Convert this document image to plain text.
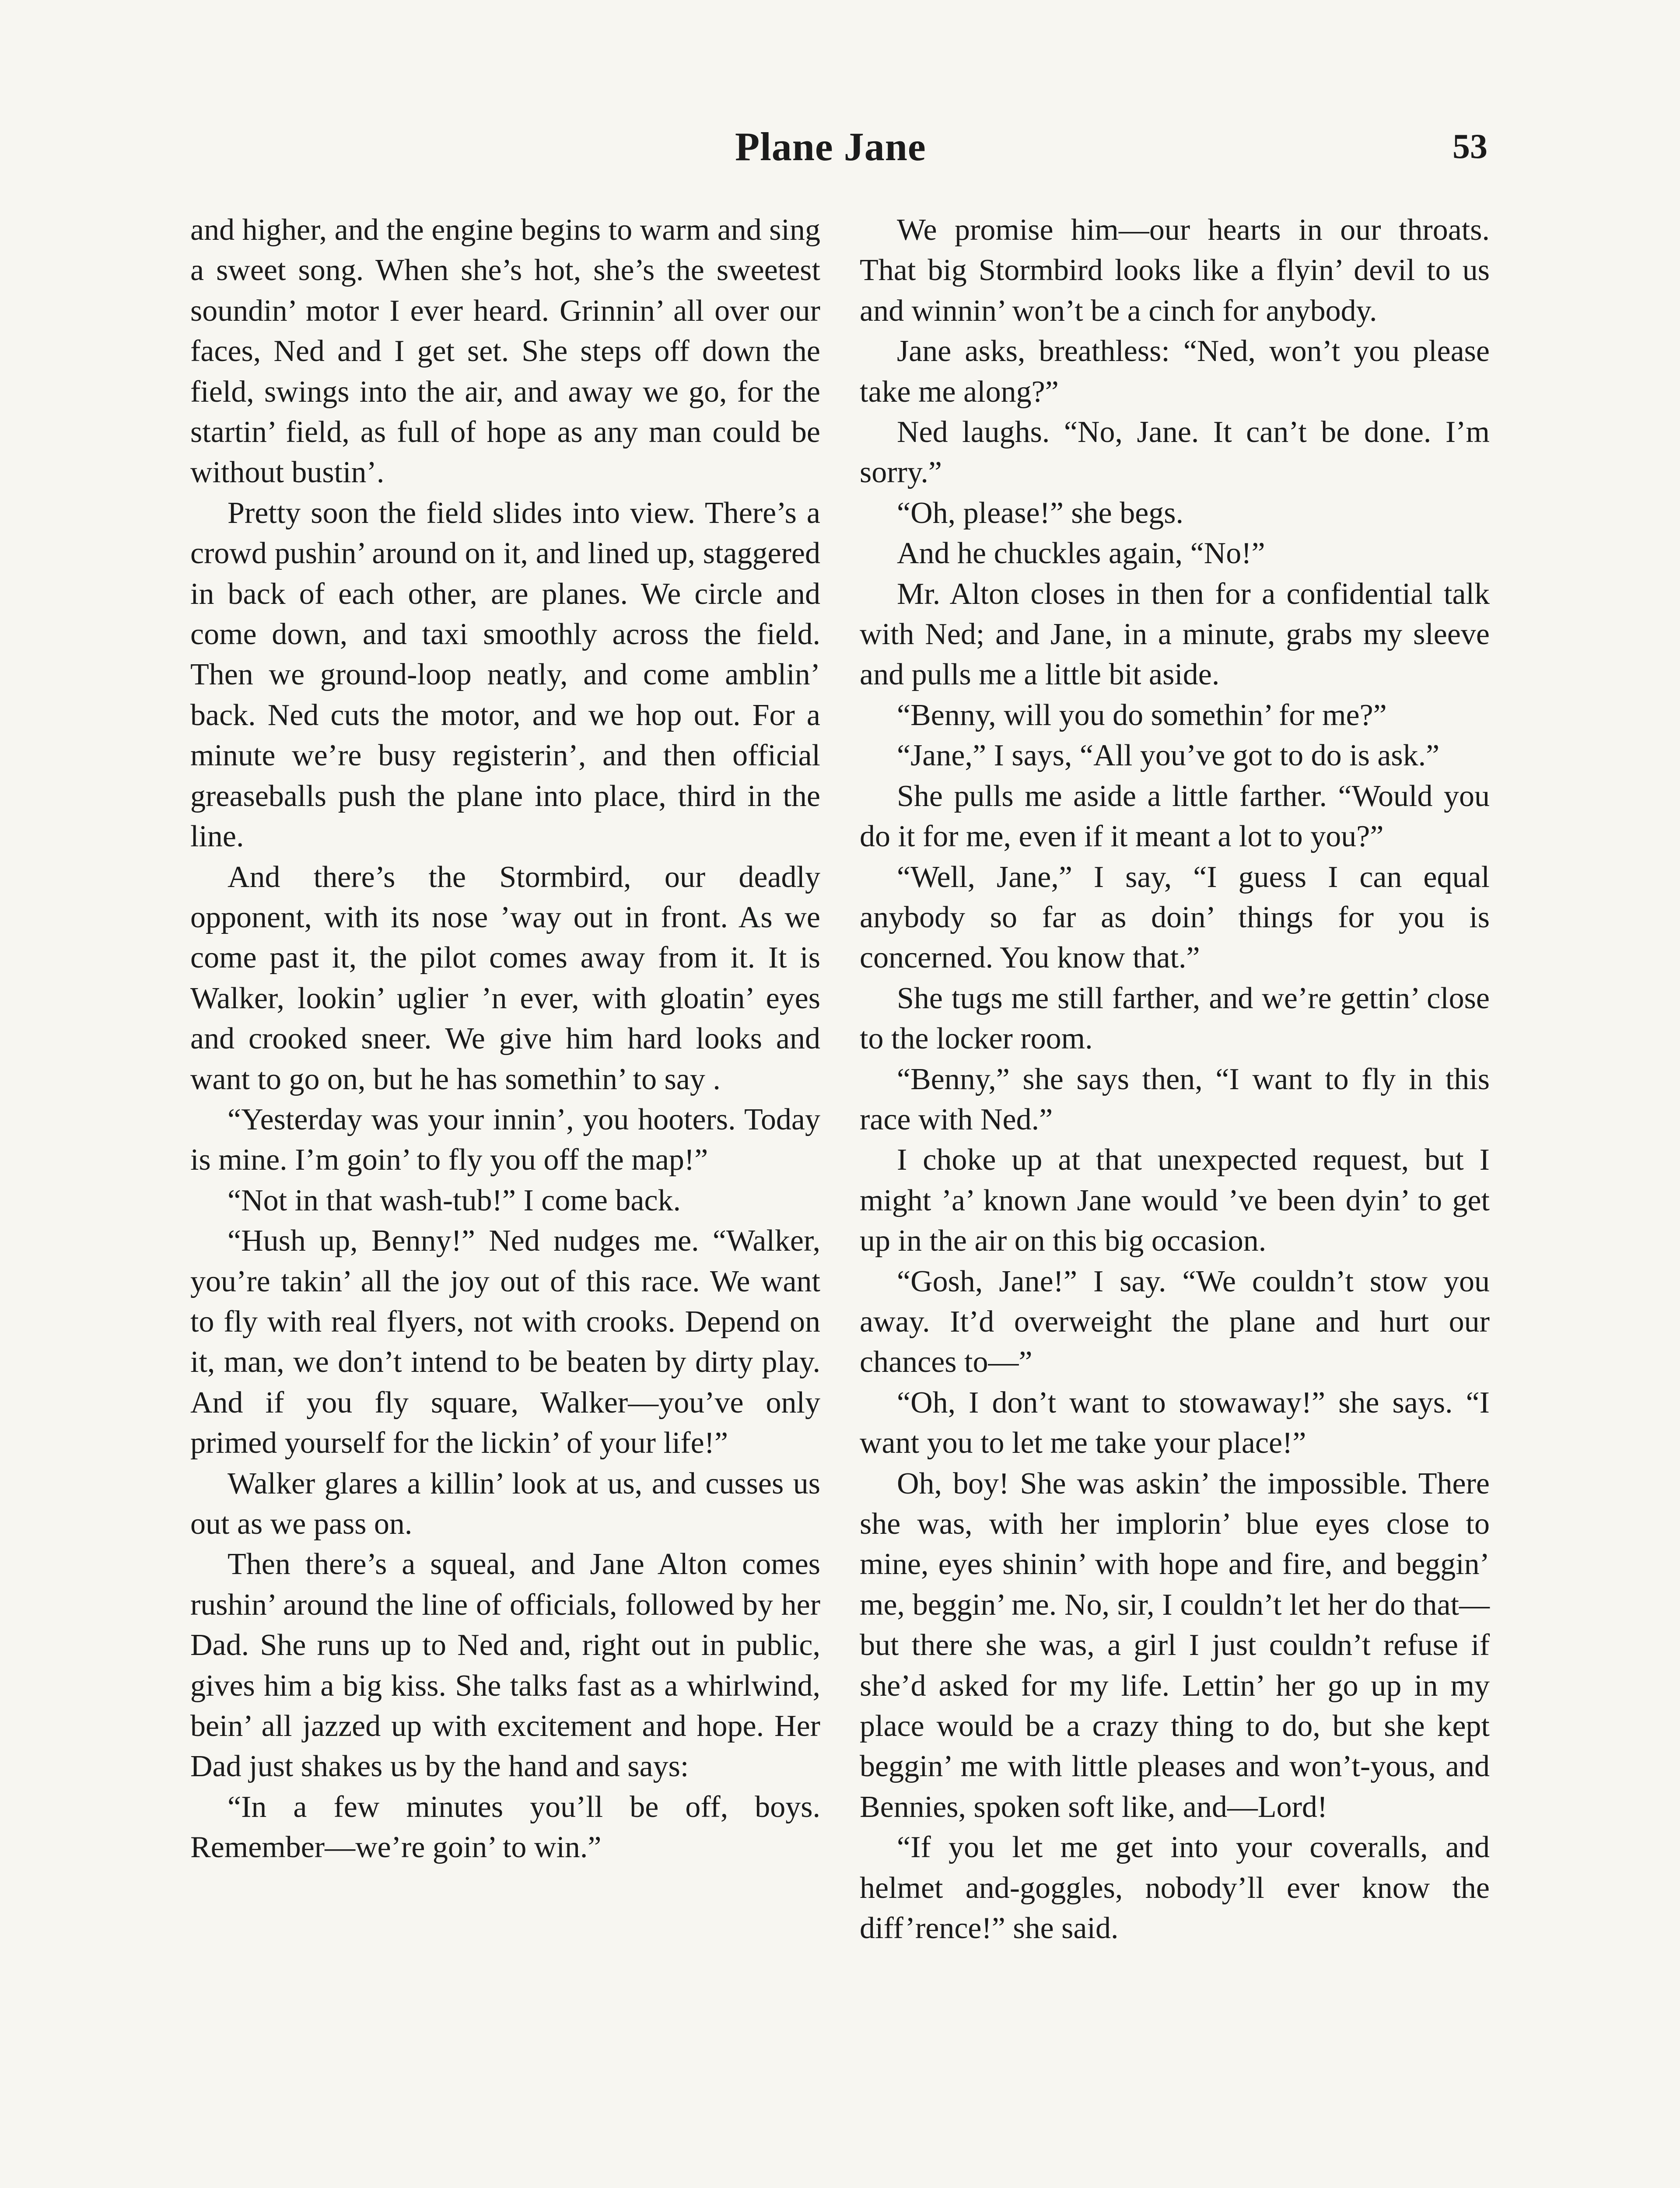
Plane Jane	53

and higher, and the engine begins to warm and sing a sweet song. When she’s hot, she’s the sweetest soundin’ motor I ever heard. Grinnin’ all over our faces, Ned and I get set. She steps off down the field, swings into the air, and away we go, for the startin’ field, as full of hope as any man could be without bustin’.

Pretty soon the field slides into view. There’s a crowd pushin’ around on it, and lined up, staggered in back of each other, are planes. We circle and come down, and taxi smoothly across the field. Then we ground-loop neatly, and come amblin’ back. Ned cuts the motor, and we hop out. For a minute we’re busy registerin’, and then official greaseballs push the plane into place, third in the line.

And there’s the Stormbird, our deadly opponent, with its nose ’way out in front. As we come past it, the pilot comes away from it. It is Walker, lookin’ uglier ’n ever, with gloatin’ eyes and crooked sneer. We give him hard looks and want to go on, but he has somethin’ to say .

“Yesterday was your innin’, you hooters. Today is mine. I’m goin’ to fly you off the map!”

“Not in that wash-tub!” I come back.

“Hush up, Benny!” Ned nudges me. “Walker, you’re takin’ all the joy out of this race. We want to fly with real flyers, not with crooks. Depend on it, man, we don’t intend to be beaten by dirty play. And if you fly square, Walker—you’ve only primed yourself for the lickin’ of your life!”

Walker glares a killin’ look at us, and cusses us out as we pass on.

Then there’s a squeal, and Jane Alton comes rushin’ around the line of officials, followed by her Dad. She runs up to Ned and, right out in public, gives him a big kiss. She talks fast as a whirlwind, bein’ all jazzed up with excitement and hope. Her Dad just shakes us by the hand and says:

“In a few minutes you’ll be off, boys. Remember—we’re goin’ to win.”

We promise him—our hearts in our throats. That big Stormbird looks like a flyin’ devil to us and winnin’ won’t be a cinch for anybody.

Jane asks, breathless: “Ned, won’t you please take me along?”

Ned laughs. “No, Jane. It can’t be done. I’m sorry.”

“Oh, please!” she begs.

And he chuckles again, “No!”

Mr. Alton closes in then for a confidential talk with Ned; and Jane, in a minute, grabs my sleeve and pulls me a little bit aside.

“Benny, will you do somethin’ for me?”

“Jane,” I says, “All you’ve got to do is ask.”

She pulls me aside a little farther. “Would you do it for me, even if it meant a lot to you?”

“Well, Jane,” I say, “I guess I can equal anybody so far as doin’ things for you is concerned. You know that.”

She tugs me still farther, and we’re gettin’ close to the locker room.

“Benny,” she says then, “I want to fly in this race with Ned.”

I choke up at that unexpected request, but I might ’a’ known Jane would ’ve been dyin’ to get up in the air on this big occasion.

“Gosh, Jane!” I say. “We couldn’t stow you away. It’d overweight the plane and hurt our chances to—”

“Oh, I don’t want to stowaway!” she says. “I want you to let me take your place!”

Oh, boy! She was askin’ the impossible. There she was, with her implorin’ blue eyes close to mine, eyes shinin’ with hope and fire, and beggin’ me, beggin’ me. No, sir, I couldn’t let her do that—but there she was, a girl I just couldn’t refuse if she’d asked for my life. Lettin’ her go up in my place would be a crazy thing to do, but she kept beggin’ me with little pleases and won’t-yous, and Bennies, spoken soft like, and—Lord!

“If you let me get into your coveralls, and helmet and-goggles, nobody’ll ever know the diff’rence!” she said.
